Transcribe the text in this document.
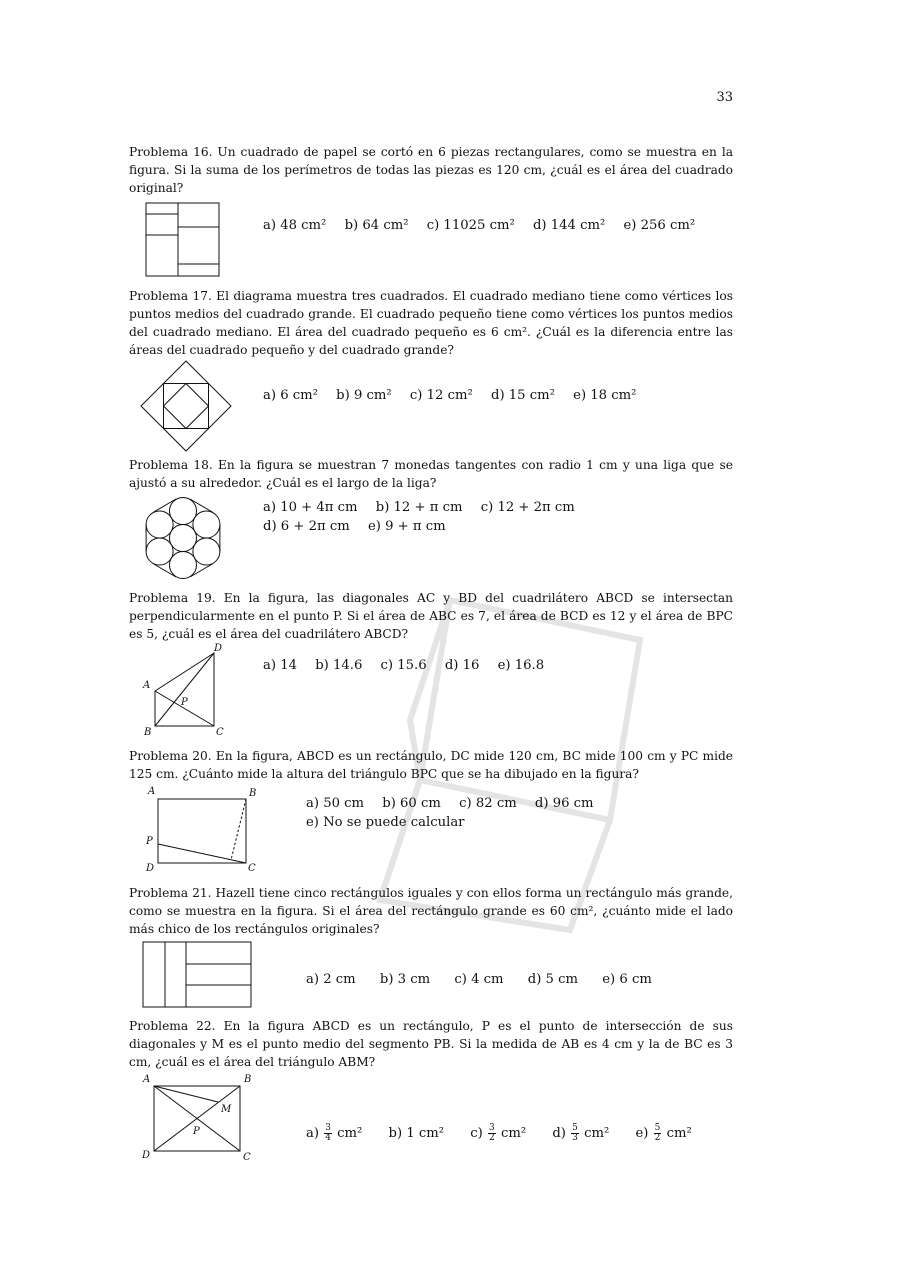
33

Problema 16. Un cuadrado de papel se cortó en 6 piezas rectangulares, como se muestra en la figura. Si la suma de los perímetros de todas las piezas es 120 cm, ¿cuál es el área del cuadrado original?

a) 48 cm² b) 64 cm² c) 11025 cm² d) 144 cm² e) 256 cm²

Problema 17. El diagrama muestra tres cuadrados. El cuadrado mediano tiene como vértices los puntos medios del cuadrado grande. El cuadrado pequeño tiene como vértices los puntos medios del cuadrado mediano. El área del cuadrado pequeño es 6 cm². ¿Cuál es la diferencia entre las áreas del cuadrado pequeño y del cuadrado grande?

a) 6 cm² b) 9 cm² c) 12 cm² d) 15 cm² e) 18 cm²

Problema 18. En la figura se muestran 7 monedas tangentes con radio 1 cm y una liga que se ajustó a su alrededor. ¿Cuál es el largo de la liga?

a) 10 + 4π cm b) 12 + π cm c) 12 + 2π cm
d) 6 + 2π cm e) 9 + π cm

Problema 19. En la figura, las diagonales AC y BD del cuadrilátero ABCD se intersectan perpendicularmente en el punto P. Si el área de ABC es 7, el área de BCD es 12 y el área de BPC es 5, ¿cuál es el área del cuadrilátero ABCD?

D
A
P
B	C
a) 14 b) 14.6 c) 15.6 d) 16 e) 16.8

Problema 20. En la figura, ABCD es un rectángulo, DC mide 120 cm, BC mide 100 cm y PC mide 125 cm. ¿Cuánto mide la altura del triángulo BPC que se ha dibujado en la figura?

A	B
P
D	C
a) 50 cm b) 60 cm c) 82 cm d) 96 cm
e) No se puede calcular

Problema 21. Hazell tiene cinco rectángulos iguales y con ellos forma un rectángulo más grande, como se muestra en la figura. Si el área del rectángulo grande es 60 cm², ¿cuánto mide el lado más chico de los rectángulos originales?

a) 2 cm b) 3 cm c) 4 cm d) 5 cm e) 6 cm

Problema 22. En la figura ABCD es un rectángulo, P es el punto de intersección de sus diagonales y M es el punto medio del segmento PB. Si la medida de AB es 4 cm y la de BC es 3 cm, ¿cuál es el área del triángulo ABM?

A	B
M
P
D	C
$a) \frac{3}{4} cm^2$ b) 1 cm² $c) \frac{3}{2} cm^2$ $d) \frac{5}{3} cm^2$ $e) \frac{5}{2} cm^2$
